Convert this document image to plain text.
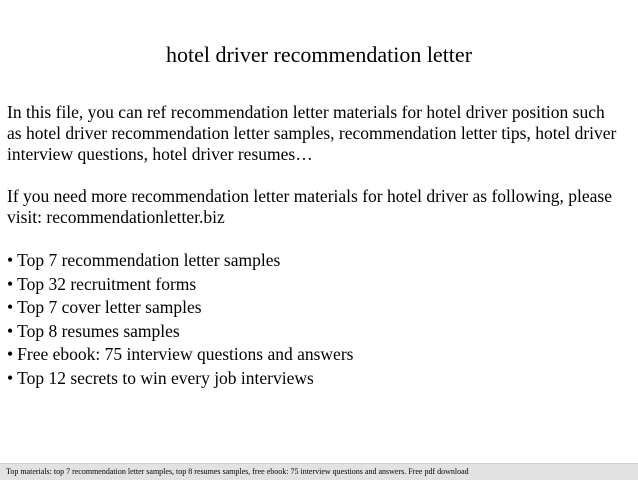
hotel driver recommendation letter

In this file, you can ref recommendation letter materials for hotel driver position such
as hotel driver recommendation letter samples, recommendation letter tips, hotel driver
interview questions, hotel driver resumes…

If you need more recommendation letter materials for hotel driver as following, please
visit: recommendationletter.biz

• Top 7 recommendation letter samples
• Top 32 recruitment forms
• Top 7 cover letter samples
• Top 8 resumes samples
• Free ebook: 75 interview questions and answers
• Top 12 secrets to win every job interviews
Top materials: top 7 recommendation letter samples, top 8 resumes samples, free ebook: 75 interview questions and answers. Free pdf download
